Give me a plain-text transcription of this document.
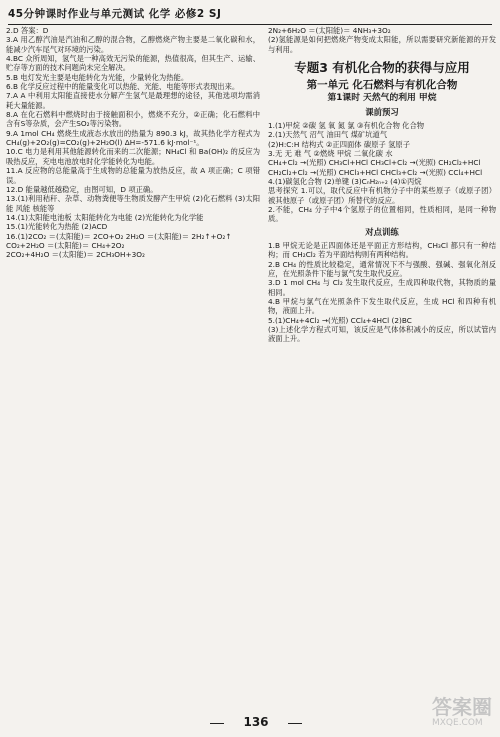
45分钟课时作业与单元测试 化学 必修2 SJ

2.D 答案：D

3.A 用乙醇汽油是汽油和乙醇的混合物，乙醇燃烧产物主要是二氧化碳和水，能减少汽车尾气对环境的污染。

4.BC 众所周知，氢气是一种高效无污染的能源，热值很高，但其生产、运输、贮存等方面的技术问题尚未完全解决。

5.B 电灯发光主要是电能转化为光能，少量转化为热能。

6.B 化学反应过程中的能量变化可以热能、光能、电能等形式表现出来。

7.A A 中利用太阳能直接使水分解产生氢气是最理想的途径，其他选项均需消耗大量能源。

8.A 在化石燃料中燃烧时由于接触面积小，燃烧不充分，②正确；化石燃料中含有S等杂质，会产生SO₂等污染物。

9.A 1mol CH₄ 燃烧生成液态水放出的热量为 890.3 kJ，故其热化学方程式为 CH₄(g)+2O₂(g)=CO₂(g)+2H₂O(l) ΔH=-571.6 kJ·mol⁻¹。

10.C 电力是利用其他能源转化而来的二次能源；NH₄Cl 和 Ba(OH)₂ 的反应为吸热反应，充电电池放电时化学能转化为电能。

11.A 反应物的总能量高于生成物的总能量为放热反应，故 A 项正确；C 项错误。

12.D 能量越低越稳定，由图可知，D 项正确。

13.(1)利用秸秆、杂草、动物粪便等生物质发酵产生甲烷 (2)化石燃料 (3)太阳能 风能 核能等

14.(1)太阳能电池板 太阳能转化为电能 (2)光能转化为化学能

15.(1)光能转化为热能 (2)ACD

16.(1)2CO₂ ＝(太阳能)＝ 2CO+O₂ 2H₂O ＝(太阳能)＝ 2H₂↑+O₂↑

CO₂+2H₂O ＝(太阳能)＝ CH₄+2O₂

2CO₂+4H₂O ＝(太阳能)＝ 2CH₃OH+3O₂

2N₂+6H₂O ＝(太阳能)＝ 4NH₃+3O₂

(2)氢能源是如何把燃烧产物变成太阳能，所以需要研究新能源的开发与利用。

专题3 有机化合物的获得与应用
第一单元 化石燃料与有机化合物
第1课时 天然气的利用 甲烷
课前预习

1.(1)甲烷 ②碳 氢 氧 氮 氯 ③有机化合物 化合物

2.(1)天然气 沼气 油田气 煤矿坑道气

(2)H:C:H 结构式 ②正四面体 碳原子 氢原子

3.无 无 难 气 ②燃烧 甲烷 二氧化碳 水

CH₄+Cl₂ →(光照) CH₃Cl+HCl CH₃Cl+Cl₂ →(光照) CH₂Cl₂+HCl

CH₂Cl₂+Cl₂ →(光照) CHCl₃+HCl CHCl₃+Cl₂ →(光照) CCl₄+HCl

4.(1)碳氢化合物 (2)单键 (3)CₙH₂ₙ₊₂ (4)①丙烷

思考探究 1.可以，取代反应中有机物分子中的某些原子（或原子团）被其他原子（或原子团）所替代的反应。

2.不能，CH₄ 分子中4个氢原子的位置相同，性质相同，是同一种物质。

对点训练

1.B 甲烷无论是正四面体还是平面正方形结构，CH₃Cl 都只有一种结构；而 CH₂Cl₂ 若为平面结构则有两种结构。

2.B CH₄ 的性质比较稳定，通常情况下不与强酸、强碱、强氧化剂反应，在光照条件下能与氯气发生取代反应。

3.D 1 mol CH₄ 与 Cl₂ 发生取代反应，生成四种取代物，其物质的量相同。

4.B 甲烷与氯气在光照条件下发生取代反应，生成 HCl 和四种有机物，液面上升。

5.(1)CH₄+4Cl₂ →(光照) CCl₄+4HCl (2)BC

(3)上述化学方程式可知，该反应是气体体积减小的反应，所以试管内液面上升。

136
答案圈
MXQE.COM
